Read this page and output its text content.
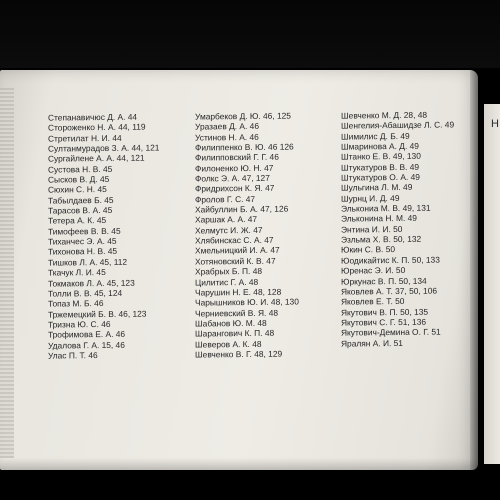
Н
Степанавичюс Д. А. 44
Стороженко Н. А. 44, 119
Стретилат Н. И. 44
Султанмурадов З. А. 44, 121
Сургайлене А. А. 44, 121
Сустова Н. В. 45
Сысков В. Д. 45
Сюхин С. Н. 45
Табылдаев Б. 45
Тарасов В. А. 45
Тетера А. К. 45
Тимофеев В. В. 45
Тиханчес Э. А. 45
Тихонова Н. В. 45
Тишков Л. А. 45, 112
Ткачук Л. И. 45
Токмаков Л. А. 45, 123
Толли В. В. 45, 124
Топаз М. Б. 46
Тржемецкий Б. В. 46, 123
Тризна Ю. С. 46
Трофимова Е. А. 46
Удалова Г. А. 15, 46
Улас П. Т. 46
Умарбеков Д. Ю. 46, 125
Уразаев Д. А. 46
Устинов Н. А. 46
Филиппенко В. Ю. 46 126
Филипповский Г. Г. 46
Филоненко Ю. Н. 47
Фолкс Э. А. 47, 127
Фридрихсон К. Я. 47
Фролов Г. С. 47
Хайбуллин Б. А. 47, 126
Харшак А. А. 47
Хелмутс И. Ж. 47
Хлябинскас С. А. 47
Хмельницкий И. А. 47
Хотяновский К. В. 47
Храбрых Б. П. 48
Цилитис Г. А. 48
Чарушин Н. Е. 48, 128
Чарышников Ю. И. 48, 130
Черниевский В. Я. 48
Шабанов Ю. М. 48
Шарангович К. П. 48
Шеверов А. К. 48
Шевченко В. Г. 48, 129
Шевченко М. Д. 28, 48
Шенгелия-Абашидзе Л. С. 49
Шимилис Д. Б. 49
Шмаринова А. Д. 49
Штанко Е. В. 49, 130
Штукатуров В. В. 49
Штукатуров О. А. 49
Шульгина Л. М. 49
Шурнц И. Д. 49
Элькониа М. В. 49, 131
Эльконина Н. М. 49
Энтина И. И. 50
Эзльма Х. В. 50, 132
Юкин С. В. 50
Юодикайтис К. П. 50, 133
Юренас Э. И. 50
Юркунас В. П. 50, 134
Яковлев А. Т. 37, 50, 106
Яковлев Е. Т. 50
Якутович В. П. 50, 135
Якутович С. Г. 51, 136
Якутович-Демина О. Г. 51
Яралян А. И. 51
